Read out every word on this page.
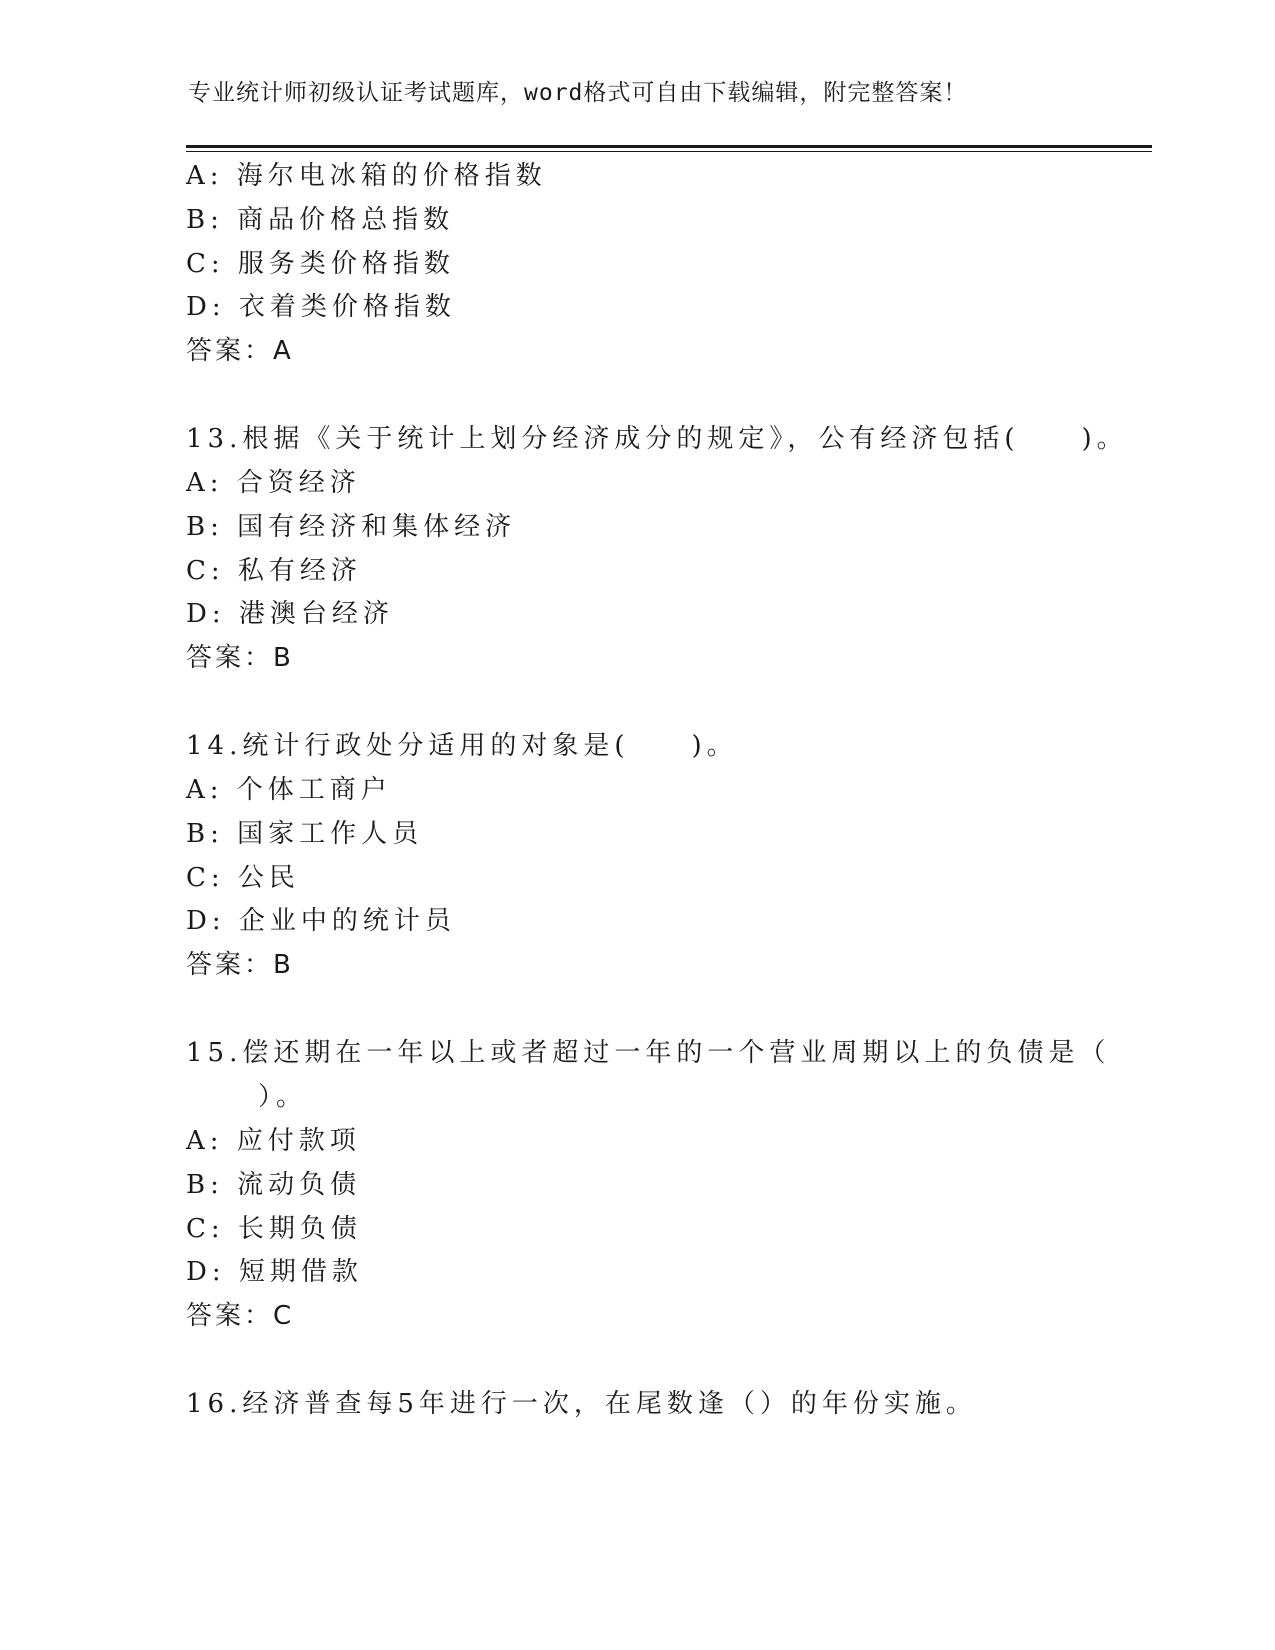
专业统计师初级认证考试题库，word格式可自由下载编辑，附完整答案！
A: 海尔电冰箱的价格指数
B: 商品价格总指数
C: 服务类价格指数
D: 衣着类价格指数
答案：A
13.根据《关于统计上划分经济成分的规定》，公有经济包括(　　)。
A: 合资经济
B: 国有经济和集体经济
C: 私有经济
D: 港澳台经济
答案：B
14.统计行政处分适用的对象是(　　)。
A: 个体工商户
B: 国家工作人员
C: 公民
D: 企业中的统计员
答案：B
15.偿还期在一年以上或者超过一年的一个营业周期以上的负债是（
）。
A: 应付款项
B: 流动负债
C: 长期负债
D: 短期借款
答案：C
16.经济普查每5年进行一次，在尾数逢（）的年份实施。
